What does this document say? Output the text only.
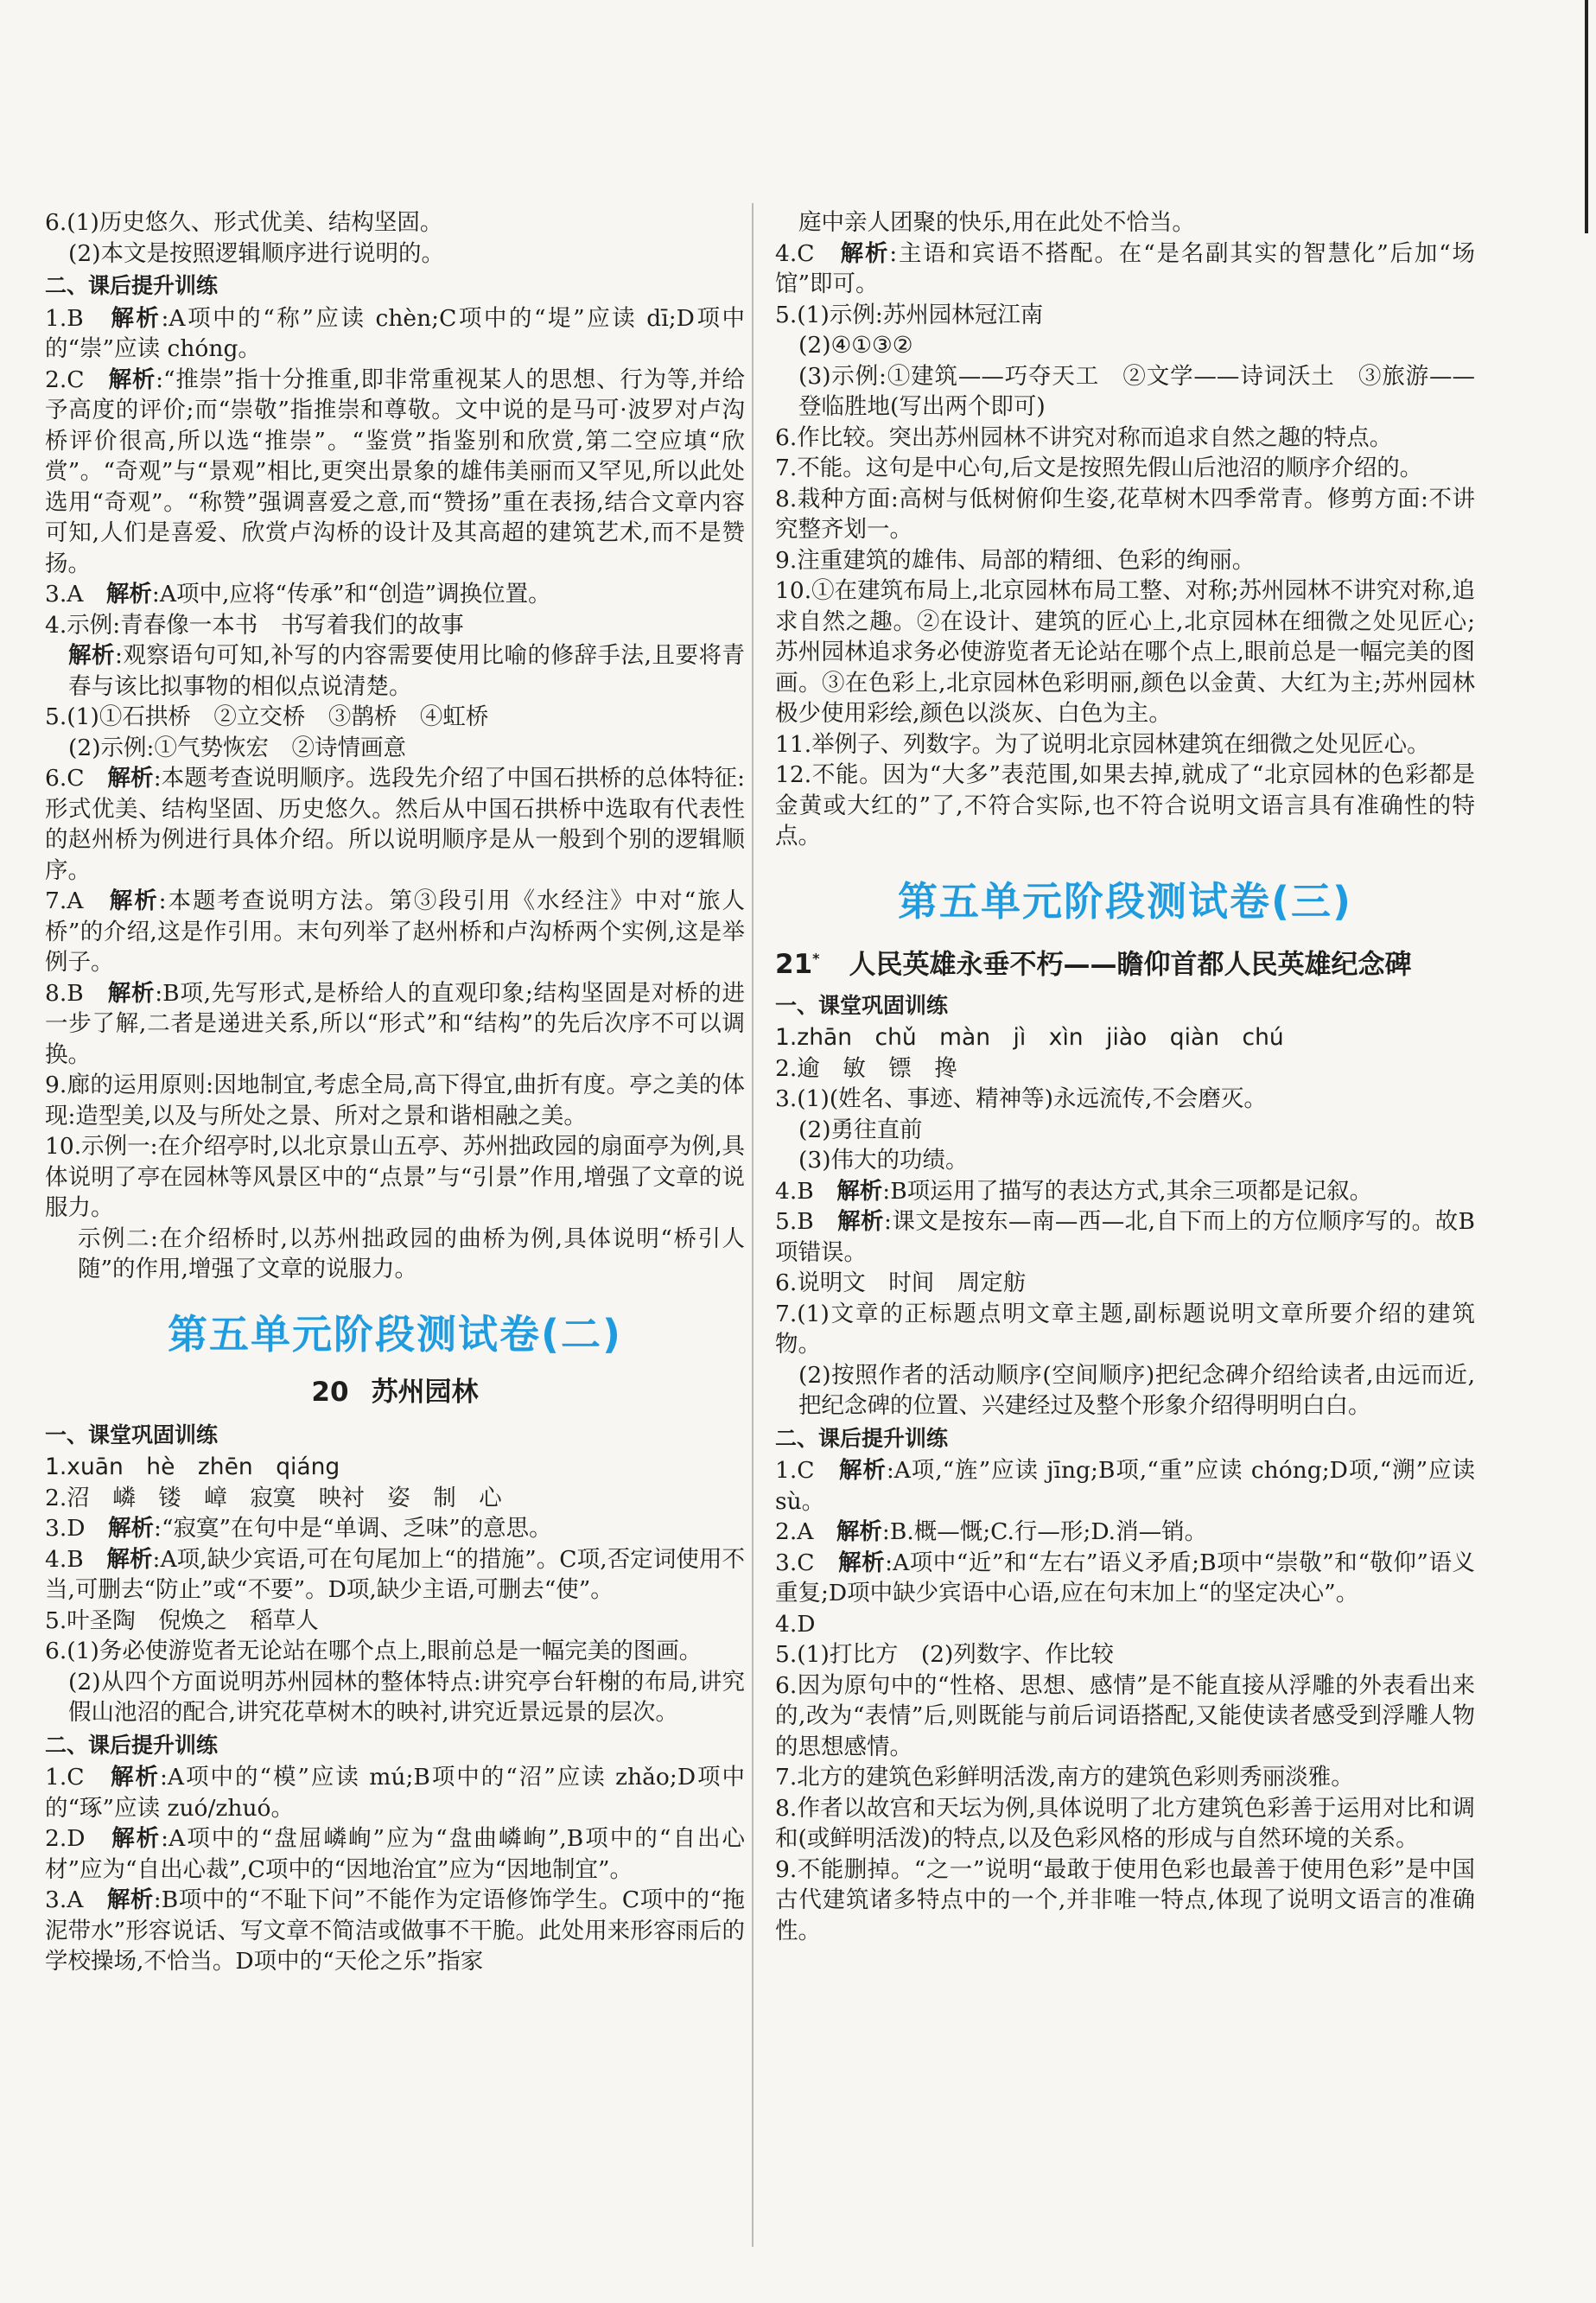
6.(1)历史悠久、形式优美、结构坚固。

(2)本文是按照逻辑顺序进行说明的。

二、课后提升训练

1.B　解析:A项中的“称”应读 chèn;C项中的“堤”应读 dī;D项中的“崇”应读 chóng。

2.C　解析:“推崇”指十分推重,即非常重视某人的思想、行为等,并给予高度的评价;而“崇敬”指推崇和尊敬。文中说的是马可·波罗对卢沟桥评价很高,所以选“推崇”。“鉴赏”指鉴别和欣赏,第二空应填“欣赏”。“奇观”与“景观”相比,更突出景象的雄伟美丽而又罕见,所以此处选用“奇观”。“称赞”强调喜爱之意,而“赞扬”重在表扬,结合文章内容可知,人们是喜爱、欣赏卢沟桥的设计及其高超的建筑艺术,而不是赞扬。

3.A　解析:A项中,应将“传承”和“创造”调换位置。

4.示例:青春像一本书　书写着我们的故事

解析:观察语句可知,补写的内容需要使用比喻的修辞手法,且要将青春与该比拟事物的相似点说清楚。

5.(1)①石拱桥　②立交桥　③鹊桥　④虹桥

(2)示例:①气势恢宏　②诗情画意

6.C　解析:本题考查说明顺序。选段先介绍了中国石拱桥的总体特征:形式优美、结构坚固、历史悠久。然后从中国石拱桥中选取有代表性的赵州桥为例进行具体介绍。所以说明顺序是从一般到个别的逻辑顺序。

7.A　解析:本题考查说明方法。第③段引用《水经注》中对“旅人桥”的介绍,这是作引用。末句列举了赵州桥和卢沟桥两个实例,这是举例子。

8.B　解析:B项,先写形式,是桥给人的直观印象;结构坚固是对桥的进一步了解,二者是递进关系,所以“形式”和“结构”的先后次序不可以调换。

9.廊的运用原则:因地制宜,考虑全局,高下得宜,曲折有度。亭之美的体现:造型美,以及与所处之景、所对之景和谐相融之美。

10.示例一:在介绍亭时,以北京景山五亭、苏州拙政园的扇面亭为例,具体说明了亭在园林等风景区中的“点景”与“引景”作用,增强了文章的说服力。

示例二:在介绍桥时,以苏州拙政园的曲桥为例,具体说明“桥引人随”的作用,增强了文章的说服力。

第五单元阶段测试卷(二)
20 苏州园林
一、课堂巩固训练

1.xuān　hè　zhēn　qiáng

2.沼　嶙　镂　嶂　寂寞　映衬　姿　制　心

3.D　解析:“寂寞”在句中是“单调、乏味”的意思。

4.B　解析:A项,缺少宾语,可在句尾加上“的措施”。C项,否定词使用不当,可删去“防止”或“不要”。D项,缺少主语,可删去“使”。

5.叶圣陶　倪焕之　稻草人

6.(1)务必使游览者无论站在哪个点上,眼前总是一幅完美的图画。

(2)从四个方面说明苏州园林的整体特点:讲究亭台轩榭的布局,讲究假山池沼的配合,讲究花草树木的映衬,讲究近景远景的层次。

二、课后提升训练

1.C　解析:A项中的“模”应读 mú;B项中的“沼”应读 zhǎo;D项中的“琢”应读 zuó/zhuó。

2.D　解析:A项中的“盘屈嶙峋”应为“盘曲嶙峋”,B项中的“自出心材”应为“自出心裁”,C项中的“因地治宜”应为“因地制宜”。

3.A　解析:B项中的“不耻下问”不能作为定语修饰学生。C项中的“拖泥带水”形容说话、写文章不简洁或做事不干脆。此处用来形容雨后的学校操场,不恰当。D项中的“天伦之乐”指家

庭中亲人团聚的快乐,用在此处不恰当。

4.C　解析:主语和宾语不搭配。在“是名副其实的智慧化”后加“场馆”即可。

5.(1)示例:苏州园林冠江南

(2)④①③②

(3)示例:①建筑——巧夺天工　②文学——诗词沃土　③旅游——登临胜地(写出两个即可)

6.作比较。突出苏州园林不讲究对称而追求自然之趣的特点。

7.不能。这句是中心句,后文是按照先假山后池沼的顺序介绍的。

8.栽种方面:高树与低树俯仰生姿,花草树木四季常青。修剪方面:不讲究整齐划一。

9.注重建筑的雄伟、局部的精细、色彩的绚丽。

10.①在建筑布局上,北京园林布局工整、对称;苏州园林不讲究对称,追求自然之趣。②在设计、建筑的匠心上,北京园林在细微之处见匠心;苏州园林追求务必使游览者无论站在哪个点上,眼前总是一幅完美的图画。③在色彩上,北京园林色彩明丽,颜色以金黄、大红为主;苏州园林极少使用彩绘,颜色以淡灰、白色为主。

11.举例子、列数字。为了说明北京园林建筑在细微之处见匠心。

12.不能。因为“大多”表范围,如果去掉,就成了“北京园林的色彩都是金黄或大红的”了,不符合实际,也不符合说明文语言具有准确性的特点。

第五单元阶段测试卷(三)
21* 人民英雄永垂不朽——瞻仰首都人民英雄纪念碑
一、课堂巩固训练

1.zhān　chǔ　màn　jì　xìn　jiào　qiàn　chú

2.逾　敏　镖　搀

3.(1)(姓名、事迹、精神等)永远流传,不会磨灭。

(2)勇往直前

(3)伟大的功绩。

4.B　解析:B项运用了描写的表达方式,其余三项都是记叙。

5.B　解析:课文是按东—南—西—北,自下而上的方位顺序写的。故B项错误。

6.说明文　时间　周定舫

7.(1)文章的正标题点明文章主题,副标题说明文章所要介绍的建筑物。

(2)按照作者的活动顺序(空间顺序)把纪念碑介绍给读者,由远而近,把纪念碑的位置、兴建经过及整个形象介绍得明明白白。

二、课后提升训练

1.C　解析:A项,“旌”应读 jīng;B项,“重”应读 chóng;D项,“溯”应读 sù。

2.A　解析:B.概—慨;C.行—形;D.消—销。

3.C　解析:A项中“近”和“左右”语义矛盾;B项中“崇敬”和“敬仰”语义重复;D项中缺少宾语中心语,应在句末加上“的坚定决心”。

4.D

5.(1)打比方　(2)列数字、作比较

6.因为原句中的“性格、思想、感情”是不能直接从浮雕的外表看出来的,改为“表情”后,则既能与前后词语搭配,又能使读者感受到浮雕人物的思想感情。

7.北方的建筑色彩鲜明活泼,南方的建筑色彩则秀丽淡雅。

8.作者以故宫和天坛为例,具体说明了北方建筑色彩善于运用对比和调和(或鲜明活泼)的特点,以及色彩风格的形成与自然环境的关系。

9.不能删掉。“之一”说明“最敢于使用色彩也最善于使用色彩”是中国古代建筑诸多特点中的一个,并非唯一特点,体现了说明文语言的准确性。
